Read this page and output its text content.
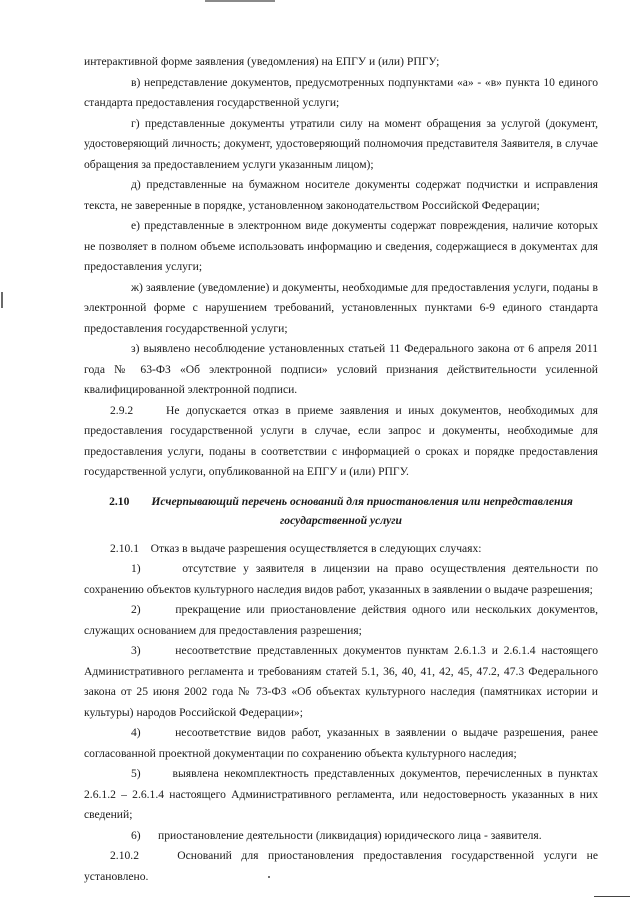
интерактивной форме заявления (уведомления) на ЕПГУ и (или) РПГУ;

в) непредставление документов, предусмотренных подпунктами «а» - «в» пункта 10 единого стандарта предоставления государственной услуги;

г) представленные документы утратили силу на момент обращения за услугой (документ, удостоверяющий личность; документ, удостоверяющий полномочия представителя Заявителя, в случае обращения за предоставлением услуги указанным лицом);

д) представленные на бумажном носителе документы содержат подчистки и исправления текста, не заверенные в порядке, установленном законодательством Российской Федерации;

е) представленные в электронном виде документы содержат повреждения, наличие которых не позволяет в полном объеме использовать информацию и сведения, содержащиеся в документах для предоставления услуги;

ж) заявление (уведомление) и документы, необходимые для предоставления услуги, поданы в электронной форме с нарушением требований, установленных пунктами 6-9 единого стандарта предоставления государственной услуги;

з) выявлено несоблюдение установленных статьей 11 Федерального закона от 6 апреля 2011 года № 63-ФЗ «Об электронной подписи» условий признания действительности усиленной квалифицированной электронной подписи.

2.9.2     Не допускается отказ в приеме заявления и иных документов, необходимых для предоставления государственной услуги в случае, если запрос и документы, необходимые для предоставления услуги, поданы в соответствии с информацией о сроках и порядке предоставления государственной услуги, опубликованной на ЕПГУ и (или) РПГУ.

2.10 Исчерпывающий перечень оснований для приостановления или непредставления государственной услуги

2.10.1    Отказ в выдаче разрешения осуществляется в следующих случаях:

1)      отсутствие у заявителя в лицензии на право осуществления деятельности по сохранению объектов культурного наследия видов работ, указанных в заявлении о выдаче разрешения;

2)      прекращение или приостановление действия одного или нескольких документов, служащих основанием для предоставления разрешения;

3)      несоответствие представленных документов пунктам 2.6.1.3 и 2.6.1.4 настоящего Административного регламента и требованиям статей 5.1, 36, 40, 41, 42, 45, 47.2, 47.3 Федерального закона от 25 июня 2002 года № 73-ФЗ «Об объектах культурного наследия (памятниках истории и культуры) народов Российской Федерации»;

4)      несоответствие видов работ, указанных в заявлении о выдаче разрешения, ранее согласованной проектной документации по сохранению объекта культурного наследия;

5)      выявлена некомплектность представленных документов, перечисленных в пунктах 2.6.1.2 – 2.6.1.4 настоящего Административного регламента, или недостоверность указанных в них сведений;

6)      приостановление деятельности (ликвидация) юридического лица - заявителя.

2.10.2    Оснований для приостановления предоставления государственной услуги не установлено.
